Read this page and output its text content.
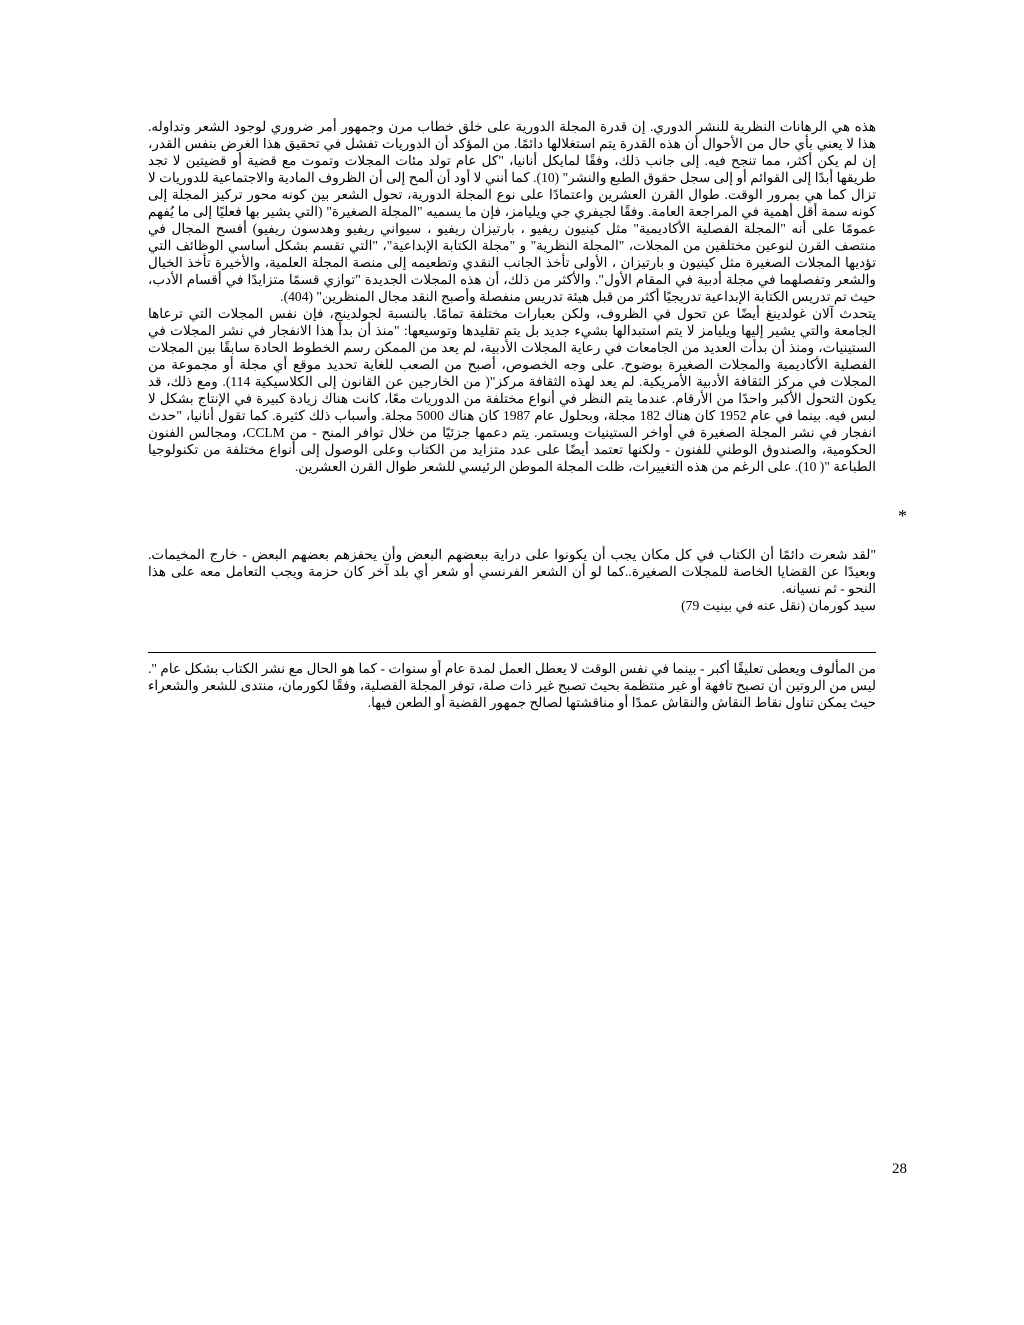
هذه هي الرهانات النظرية للنشر الدوري. إن قدرة المجلة الدورية على خلق خطاب مرن وجمهور أمر ضروري لوجود الشعر وتداوله. هذا لا يعني بأي حال من الأحوال أن هذه القدرة يتم استغلالها دائمًا. من المؤكد أن الدوريات تفشل في تحقيق هذا الغرض بنفس القدر، إن لم يكن أكثر، مما تنجح فيه. إلى جانب ذلك، وفقًا لمايكل أنانيا، "كل عام تولد مئات المجلات وتموت مع قضية أو قضيتين لا تجد طريقها أبدًا إلى القوائم أو إلى سجل حقوق الطبع والنشر" (10). كما أنني لا أود أن ألمح إلى أن الظروف المادية والاجتماعية للدوريات لا تزال كما هي بمرور الوقت. طوال القرن العشرين واعتمادًا على نوع المجلة الدورية، تحول الشعر بين كونه محور تركيز المجلة إلى كونه سمة أقل أهمية في المراجعة العامة. وفقًا لجيفري جي ويليامز، فإن ما يسميه "المجلة الصغيرة" (التي يشير بها فعليًا إلى ما يُفهم عمومًا على أنه "المجلة الفصلية الأكاديمية" مثل كينيون ريفيو ، بارتيزان ريفيو ، سيواني ريفيو وهدسون ريفيو) أفسح المجال في منتصف القرن لنوعين مختلفين من المجلات، "المجلة النظرية" و "مجلة الكتابة الإبداعية"، "التي تقسم بشكل أساسي الوظائف التي تؤديها المجلات الصغيرة مثل كينيون و بارتيزان ، الأولى تأخذ الجانب النقدي وتطعيمه إلى منصة المجلة العلمية، والأخيرة تأخذ الخيال والشعر وتفصلهما في مجلة أدبية في المقام الأول". والأكثر من ذلك، أن هذه المجلات الجديدة "توازي قسمًا متزايدًا في أقسام الأدب، حيث تم تدريس الكتابة الإبداعية تدريجيًا أكثر من قبل هيئة تدريس منفصلة وأصبح النقد مجال المنظرين" (404).

يتحدث آلان غولدينغ أيضًا عن تحول في الظروف، ولكن بعبارات مختلفة تمامًا. بالنسبة لجولدينج، فإن نفس المجلات التي ترعاها الجامعة والتي يشير إليها ويليامز لا يتم استبدالها بشيء جديد بل يتم تقليدها وتوسيعها: "منذ أن بدأ هذا الانفجار في نشر المجلات في الستينيات، ومنذ أن بدأت العديد من الجامعات في رعاية المجلات الأدبية، لم يعد من الممكن رسم الخطوط الحادة سابقًا بين المجلات الفصلية الأكاديمية والمجلات الصغيرة بوضوح. على وجه الخصوص، أصبح من الصعب للغاية تحديد موقع أي مجلة أو مجموعة من المجلات في مركز الثقافة الأدبية الأمريكية. لم يعد لهذه الثقافة مركز"( من الخارجين عن القانون إلى الكلاسيكية 114). ومع ذلك، قد يكون التحول الأكبر واحدًا من الأرقام. عندما يتم النظر في أنواع مختلفة من الدوريات معًا، كانت هناك زيادة كبيرة في الإنتاج بشكل لا لبس فيه. بينما في عام 1952 كان هناك 182 مجلة، وبحلول عام 1987 كان هناك 5000 مجلة. وأسباب ذلك كثيرة. كما تقول أنانيا، "حدث انفجار في نشر المجلة الصغيرة في أواخر الستينيات ويستمر. يتم دعمها جزئيًا من خلال توافر المنح - من CCLM، ومجالس الفنون الحكومية، والصندوق الوطني للفنون - ولكنها تعتمد أيضًا على عدد متزايد من الكتاب وعلى الوصول إلى أنواع مختلفة من تكنولوجيا الطباعة "( 10). على الرغم من هذه التغييرات، ظلت المجلة الموطن الرئيسي للشعر طوال القرن العشرين.

*

"لقد شعرت دائمًا أن الكتاب في كل مكان يجب أن يكونوا على دراية ببعضهم البعض وأن يحفزهم بعضهم البعض - خارج المخيمات. وبعيدًا عن القضايا الخاصة للمجلات الصغيرة..كما لو أن الشعر الفرنسي أو شعر أي بلد آخر كان حزمة ويجب التعامل معه على هذا النحو - ثم نسيانه.

سيد كورمان (نقل عنه في بينيت 79)

من المألوف ويعطى تعليقًا أكبر - بينما في نفس الوقت لا يعطل العمل لمدة عام أو سنوات - كما هو الحال مع نشر الكتاب بشكل عام ". ليس من الروتين أن تصبح تافهة أو غير منتظمة بحيث تصبح غير ذات صلة، توفر المجلة الفصلية، وفقًا لكورمان، منتدى للشعر والشعراء حيث يمكن تناول نقاط النقاش والنقاش عمدًا أو مناقشتها لصالح جمهور القضية أو الطعن فيها.

28
